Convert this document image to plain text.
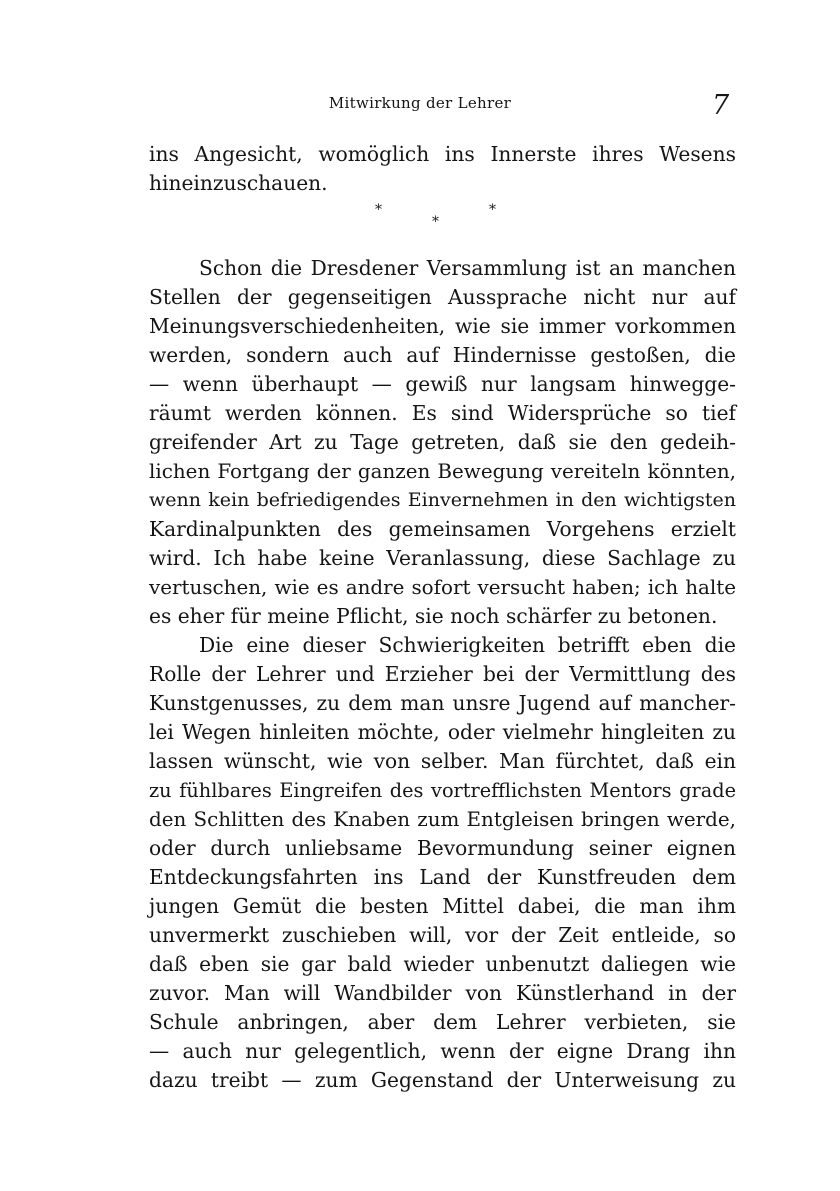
Mitwirkung der Lehrer	7
ins Angesicht, womöglich ins Innerste ihres Wesens
hineinzuschauen.
*
*
*
Schon die Dresdener Versammlung ist an manchen
Stellen der gegenseitigen Aussprache nicht nur auf
Meinungsverschiedenheiten, wie sie immer vorkommen
werden, sondern auch auf Hindernisse gestoßen, die
— wenn überhaupt — gewiß nur langsam hinwegge-
räumt werden können. Es sind Widersprüche so tief
greifender Art zu Tage getreten, daß sie den gedeih-
lichen Fortgang der ganzen Bewegung vereiteln könnten,
wenn kein befriedigendes Einvernehmen in den wichtigsten
Kardinalpunkten des gemeinsamen Vorgehens erzielt
wird. Ich habe keine Veranlassung, diese Sachlage zu
vertuschen, wie es andre sofort versucht haben; ich halte
es eher für meine Pflicht, sie noch schärfer zu betonen.
Die eine dieser Schwierigkeiten betrifft eben die
Rolle der Lehrer und Erzieher bei der Vermittlung des
Kunstgenusses, zu dem man unsre Jugend auf mancher-
lei Wegen hinleiten möchte, oder vielmehr hingleiten zu
lassen wünscht, wie von selber. Man fürchtet, daß ein
zu fühlbares Eingreifen des vortrefflichsten Mentors grade
den Schlitten des Knaben zum Entgleisen bringen werde,
oder durch unliebsame Bevormundung seiner eignen
Entdeckungsfahrten ins Land der Kunstfreuden dem
jungen Gemüt die besten Mittel dabei, die man ihm
unvermerkt zuschieben will, vor der Zeit entleide, so
daß eben sie gar bald wieder unbenutzt daliegen wie
zuvor. Man will Wandbilder von Künstlerhand in der
Schule anbringen, aber dem Lehrer verbieten, sie
— auch nur gelegentlich, wenn der eigne Drang ihn
dazu treibt — zum Gegenstand der Unterweisung zu
